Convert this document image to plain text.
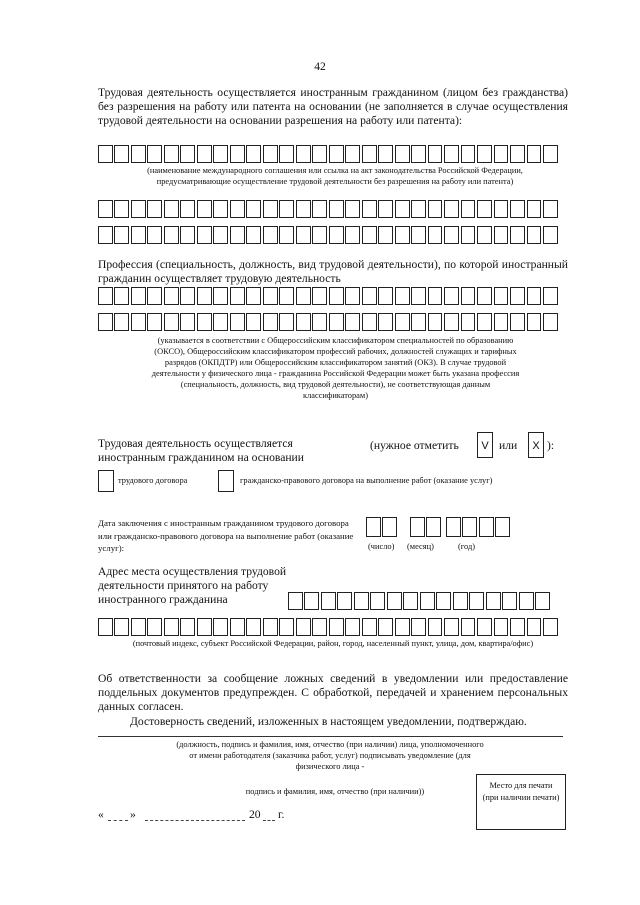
42
Трудовая деятельность осуществляется иностранным гражданином (лицом без гражданства) без разрешения на работу или патента на основании (не заполняется в случае осуществления трудовой деятельности на основании разрешения на работу или патента):
(наименование международного соглашения или ссылка на акт законодательства Российской Федерации, предусматривающие осуществление трудовой деятельности без разрешения на работу или патента)
Профессия (специальность, должность, вид трудовой деятельности), по которой иностранный гражданин осуществляет трудовую деятельность
(указывается в соответствии с Общероссийским классификатором специальностей по образованию (ОКСО), Общероссийским классификатором профессий рабочих, должностей служащих и тарифных разрядов (ОКПДТР) или Общероссийским классификатором занятий (ОКЗ). В случае трудовой деятельности у физического лица - гражданина Российской Федерации может быть указана профессия (специальность, должность, вид трудовой деятельности), не соответствующая данным классификаторам)
Трудовая деятельность осуществляется иностранным гражданином на основании
(нужное отметить	V или	X ):
трудового договора	гражданско-правового договора на выполнение работ (оказание услуг)
Дата заключения с иностранным гражданином трудового договора или гражданско-правового договора на выполнение работ (оказание услуг):	(число) (месяц)	(год)
Адрес места осуществления трудовой деятельности принятого на работу иностранного гражданина
(почтовый индекс, субъект Российской Федерации, район, город, населенный пункт, улица, дом, квартира/офис)
Об ответственности за сообщение ложных сведений в уведомлении или предоставление поддельных документов предупрежден. С обработкой, передачей и хранением персональных данных согласен.
Достоверность сведений, изложенных в настоящем уведомлении, подтверждаю.
(должность, подпись и фамилия, имя, отчество (при наличии) лица, уполномоченного от имени работодателя (заказчика работ, услуг) подписывать уведомление (для физического лица -
подпись и фамилия, имя, отчество (при наличии))
Место для печати (при наличии печати)
« »	20 г.
